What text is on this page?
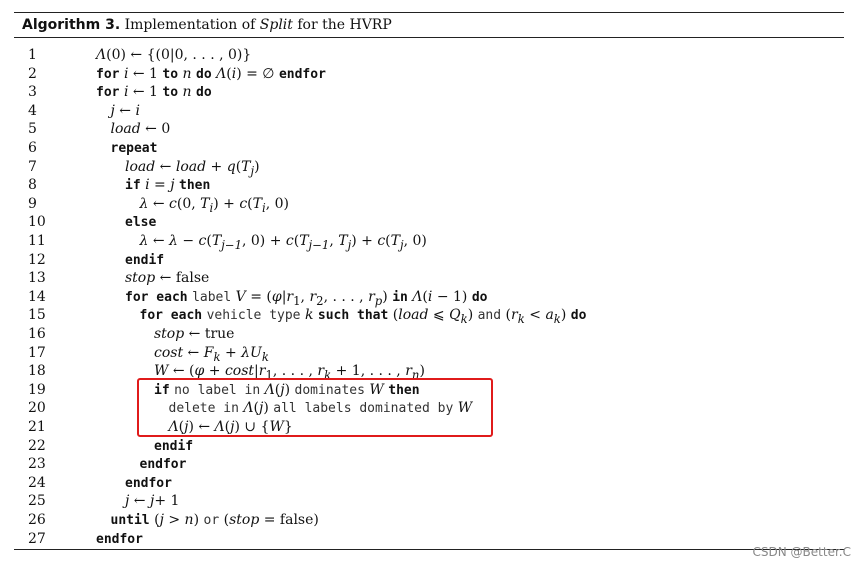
Algorithm 3. Implementation of Split for the HVRP
1	Λ(0) ← {(0|0, . . . , 0)}
2	for i ← 1 to n do Λ(i) = ∅ endfor
3	for i ← 1 to n do
4	j ← i
5	load ← 0
6	repeat
7	load ← load + $q(T_j)$
8	if i = j then
9	λ ← c(0, $T_i) + c(T_i$, 0)
10	else
11	λ ← $\lambda - c(T_{j-1}$, $0) + c(T_{j-1}$, $T_j) + c(T_j$, 0)
12	endif
13	stop ← false
14	for each label $V = (\varphi|r_1$, $r_2$, . . . , $r_p$) in Λ(i − 1) do
15	for each vehicle type k such that (load ⩽ $Q_k$) and $(r_k < a_k)$ do
16	stop ← true
17	cost ← $F_k + \lambda U_k$
18	W ← ($\varphi + \cos t|r_1$, . . . , $r_k + 1$, . . . , $r_n$)
19	if no label in Λ(j) dominates W then
20	delete in Λ(j) all labels dominated by W
21	Λ(j) ← Λ(j) ∪ {W}
22	endif
23	endfor
24	endfor
25	j ← j+ 1
26	until (j > n) or (stop = false)
27	endfor
CSDN @Better.C
